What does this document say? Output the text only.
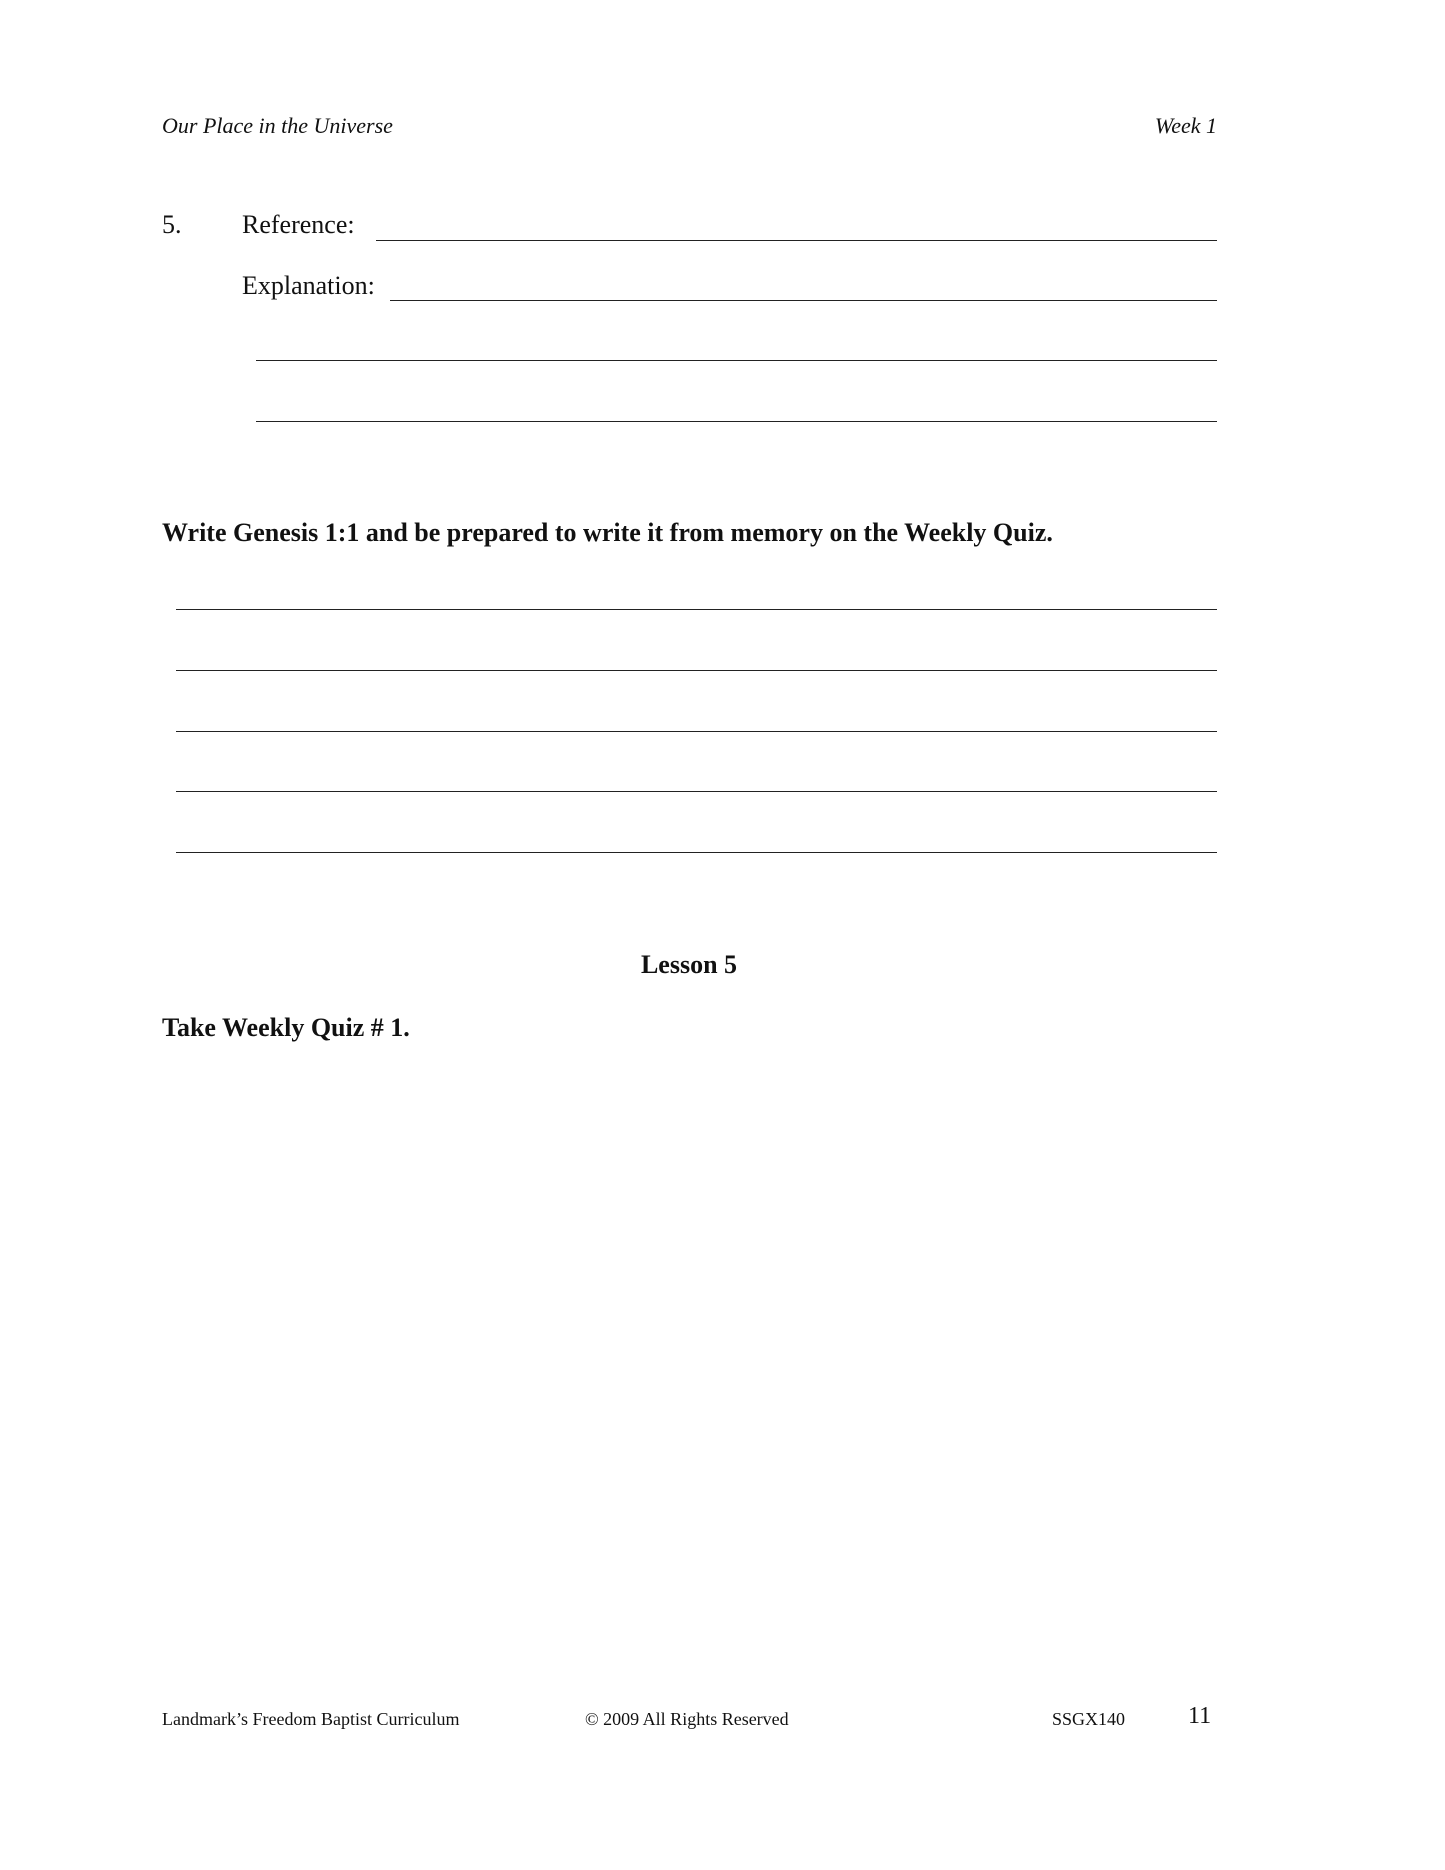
Our Place in the Universe	Week 1
5. Reference:
Explanation:
Write Genesis 1:1 and be prepared to write it from memory on the Weekly Quiz.
Lesson 5
Take Weekly Quiz # 1.
Landmark’s Freedom Baptist Curriculum	© 2009 All Rights Reserved	SSGX140	11
